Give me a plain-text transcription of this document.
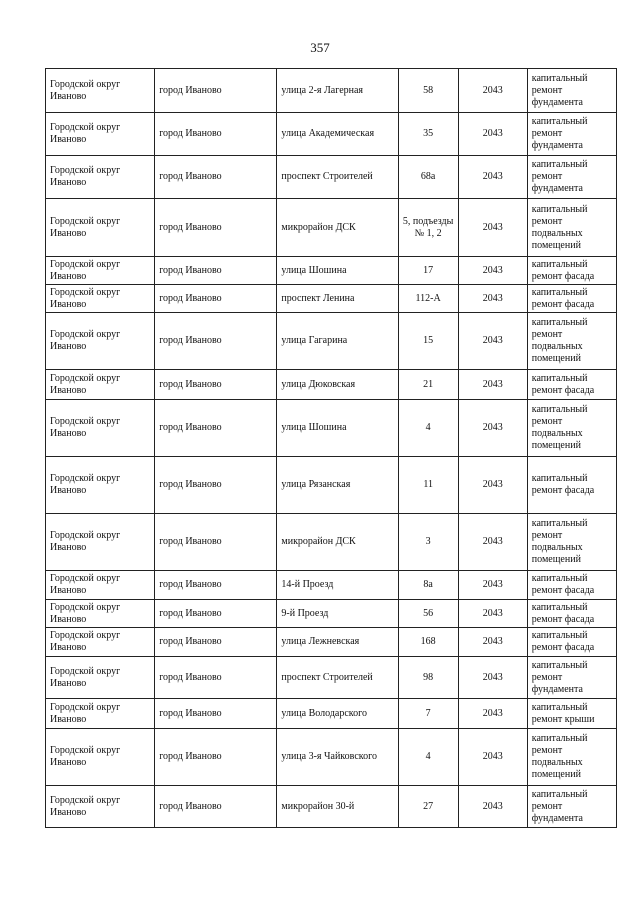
357
Городской округ Иваново	город Иваново	улица 2-я Лагерная	58	2043	капитальный ремонт фундамента
Городской округ Иваново	город Иваново	улица Академическая	35	2043	капитальный ремонт фундамента
Городской округ Иваново	город Иваново	проспект Строителей	68а	2043	капитальный ремонт фундамента
Городской округ Иваново	город Иваново	микрорайон ДСК	5, подъезды № 1, 2	2043	капитальный ремонт подвальных помещений
Городской округ Иваново	город Иваново	улица Шошина	17	2043	капитальный ремонт фасада
Городской округ Иваново	город Иваново	проспект Ленина	112-А	2043	капитальный ремонт фасада
Городской округ Иваново	город Иваново	улица Гагарина	15	2043	капитальный ремонт подвальных помещений
Городской округ Иваново	город Иваново	улица Дюковская	21	2043	капитальный ремонт фасада
Городской округ Иваново	город Иваново	улица Шошина	4	2043	капитальный ремонт подвальных помещений
Городской округ Иваново	город Иваново	улица Рязанская	11	2043	капитальный ремонт фасада
Городской округ Иваново	город Иваново	микрорайон ДСК	3	2043	капитальный ремонт подвальных помещений
Городской округ Иваново	город Иваново	14-й Проезд	8а	2043	капитальный ремонт фасада
Городской округ Иваново	город Иваново	9-й Проезд	56	2043	капитальный ремонт фасада
Городской округ Иваново	город Иваново	улица Лежневская	168	2043	капитальный ремонт фасада
Городской округ Иваново	город Иваново	проспект Строителей	98	2043	капитальный ремонт фундамента
Городской округ Иваново	город Иваново	улица Володарского	7	2043	капитальный ремонт крыши
Городской округ Иваново	город Иваново	улица 3-я Чайковского	4	2043	капитальный ремонт подвальных помещений
Городской округ Иваново	город Иваново	микрорайон 30-й	27	2043	капитальный ремонт фундамента
